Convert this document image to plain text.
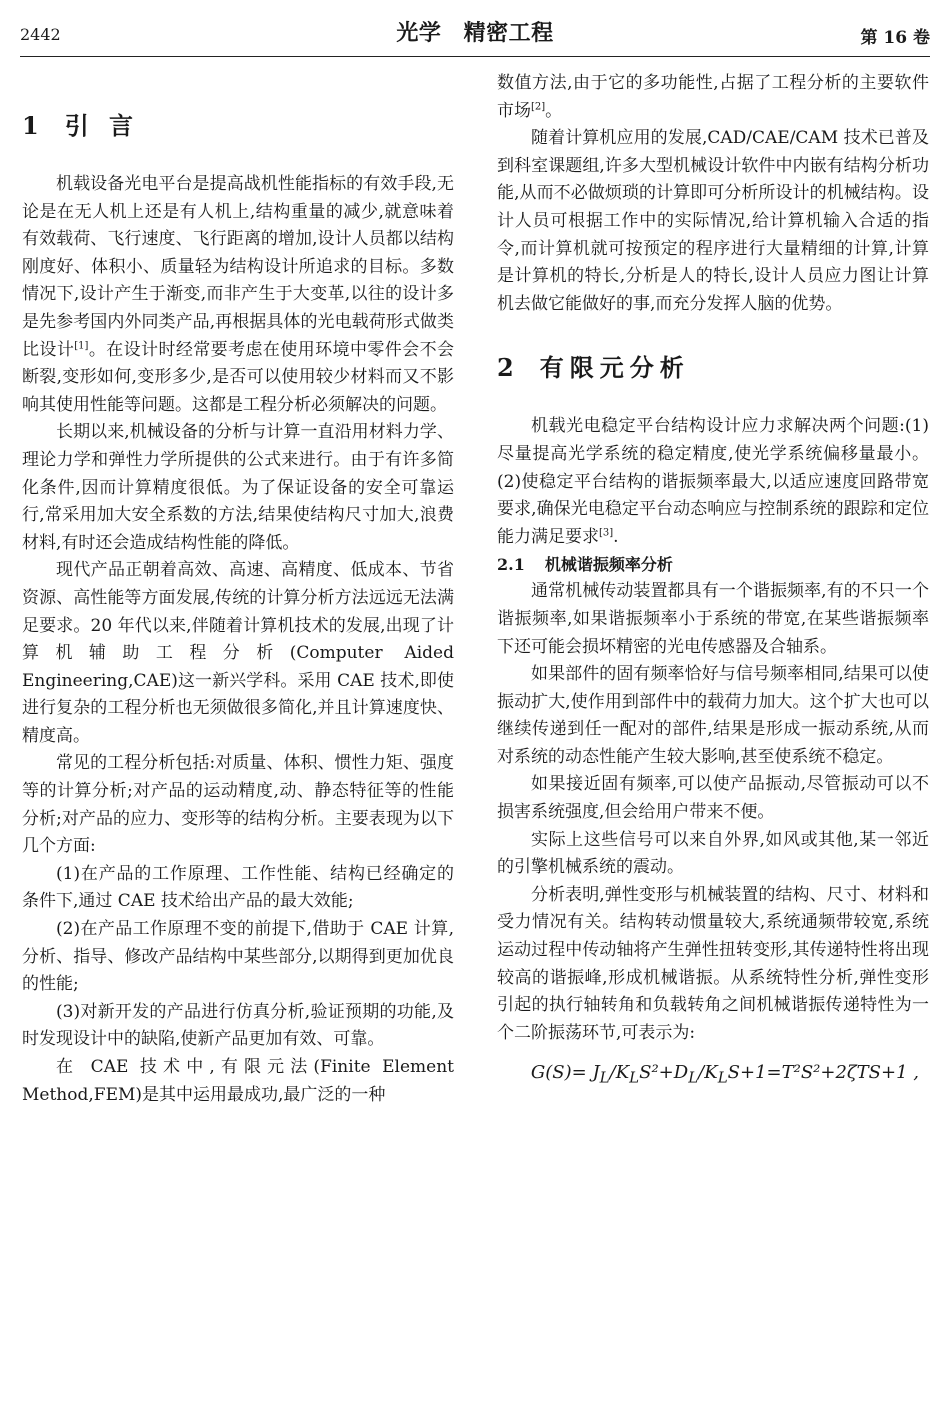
2442	光学 精密工程	第 16 卷
1 引 言

机载设备光电平台是提高战机性能指标的有效手段,无论是在无人机上还是有人机上,结构重量的减少,就意味着有效载荷、飞行速度、飞行距离的增加,设计人员都以结构刚度好、体积小、质量轻为结构设计所追求的目标。多数情况下,设计产生于渐变,而非产生于大变革,以往的设计多是先参考国内外同类产品,再根据具体的光电载荷形式做类比设计[1]。在设计时经常要考虑在使用环境中零件会不会断裂,变形如何,变形多少,是否可以使用较少材料而又不影响其使用性能等问题。这都是工程分析必须解决的问题。

长期以来,机械设备的分析与计算一直沿用材料力学、理论力学和弹性力学所提供的公式来进行。由于有许多简化条件,因而计算精度很低。为了保证设备的安全可靠运行,常采用加大安全系数的方法,结果使结构尺寸加大,浪费材料,有时还会造成结构性能的降低。

现代产品正朝着高效、高速、高精度、低成本、节省资源、高性能等方面发展,传统的计算分析方法远远无法满足要求。20 年代以来,伴随着计算机技术的发展,出现了计算机辅助工程分析(Computer Aided Engineering,CAE)这一新兴学科。采用 CAE 技术,即使进行复杂的工程分析也无须做很多简化,并且计算速度快、精度高。

常见的工程分析包括:对质量、体积、惯性力矩、强度等的计算分析;对产品的运动精度,动、静态特征等的性能分析;对产品的应力、变形等的结构分析。主要表现为以下几个方面:

(1)在产品的工作原理、工作性能、结构已经确定的条件下,通过 CAE 技术给出产品的最大效能;

(2)在产品工作原理不变的前提下,借助于 CAE 计算,分析、指导、修改产品结构中某些部分,以期得到更加优良的性能;

(3)对新开发的产品进行仿真分析,验证预期的功能,及时发现设计中的缺陷,使新产品更加有效、可靠。

在 CAE 技术中,有限元法(Finite Element Method,FEM)是其中运用最成功,最广泛的一种

数值方法,由于它的多功能性,占据了工程分析的主要软件市场[2]。

随着计算机应用的发展,CAD/CAE/CAM 技术已普及到科室课题组,许多大型机械设计软件中内嵌有结构分析功能,从而不必做烦琐的计算即可分析所设计的机械结构。设计人员可根据工作中的实际情况,给计算机输入合适的指令,而计算机就可按预定的程序进行大量精细的计算,计算是计算机的特长,分析是人的特长,设计人员应力图让计算机去做它能做好的事,而充分发挥人脑的优势。

2 有限元分析

机载光电稳定平台结构设计应力求解决两个问题:(1)尽量提高光学系统的稳定精度,使光学系统偏移量最小。(2)使稳定平台结构的谐振频率最大,以适应速度回路带宽要求,确保光电稳定平台动态响应与控制系统的跟踪和定位能力满足要求[3].

2.1 机械谐振频率分析

通常机械传动装置都具有一个谐振频率,有的不只一个谐振频率,如果谐振频率小于系统的带宽,在某些谐振频率下还可能会损坏精密的光电传感器及合轴系。

如果部件的固有频率恰好与信号频率相同,结果可以使振动扩大,使作用到部件中的载荷力加大。这个扩大也可以继续传递到任一配对的部件,结果是形成一振动系统,从而对系统的动态性能产生较大影响,甚至使系统不稳定。

如果接近固有频率,可以使产品振动,尽管振动可以不损害系统强度,但会给用户带来不便。

实际上这些信号可以来自外界,如风或其他,某一邻近的引擎机械系统的震动。

分析表明,弹性变形与机械装置的结构、尺寸、材料和受力情况有关。结构转动惯量较大,系统通频带较宽,系统运动过程中传动轴将产生弹性扭转变形,其传递特性将出现较高的谐振峰,形成机械谐振。从系统特性分析,弹性变形引起的执行轴转角和负载转角之间机械谐振传递特性为一个二阶振荡环节,可表示为:

$G(S)= J_L/K_LS^2+D_L/K_LS+1=T^2S^2+2\zeta TS+1$ ,
